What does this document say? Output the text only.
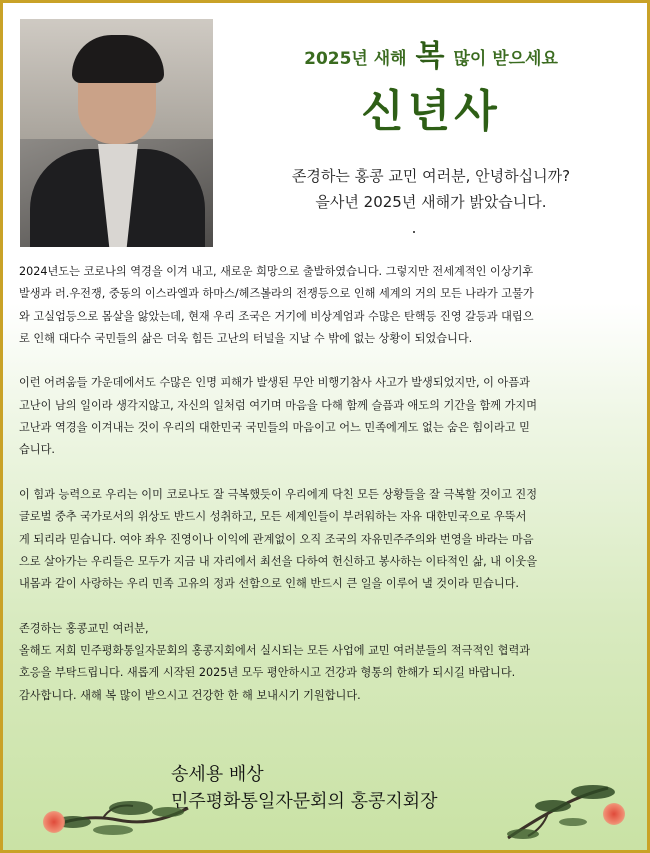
2025년 새해 복 많이 받으세요
신년사

존경하는 홍콩 교민 여러분, 안녕하십니까?

을사년 2025년 새해가 밝았습니다.

2024년도는 코로나의 역경을 이겨 내고, 새로운 희망으로 출발하였습니다. 그렇지만 전세계적인 이상기후
발생과 러.우전쟁, 중동의 이스라엘과 하마스/헤즈볼라의 전쟁등으로 인해 세계의 거의 모든 나라가 고물가
와 고실업등으로 몸살을 앓았는데, 현재 우리 조국은 거기에 비상계엄과 수많은 탄핵등 진영 갈등과 대립으
로 인해 대다수 국민들의 삶은 더욱 힘든 고난의 터널을 지날 수 밖에 없는 상황이 되었습니다.

이런 어려움들 가운데에서도 수많은 인명 피해가 발생된 무안 비행기참사 사고가 발생되었지만, 이 아픔과
고난이 남의 일이라 생각지않고, 자신의 일처럼 여기며 마음을 다해 함께 슬픔과 애도의 기간을 함께 가지며
고난과 역경을 이겨내는 것이 우리의 대한민국 국민들의 마음이고 어느 민족에게도 없는 숨은 힘이라고 믿
습니다.

이 힘과 능력으로 우리는 이미 코로나도 잘 극복했듯이 우리에게 닥친 모든 상황들을 잘 극복할 것이고 진정
글로벌 중추 국가로서의 위상도 반드시 성취하고, 모든 세계인들이 부러워하는 자유 대한민국으로 우뚝서
게 되리라 믿습니다. 여야 좌우 진영이나 이익에 관계없이 오직 조국의 자유민주주의와 번영을 바라는 마음
으로 살아가는 우리들은 모두가 지금 내 자리에서 최선을 다하여 헌신하고 봉사하는 이타적인 삶, 내 이웃을
내몸과 같이 사랑하는 우리 민족 고유의 정과 선함으로 인해 반드시 큰 일을 이루어 낼 것이라 믿습니다.

존경하는 홍콩교민 여러분,
올해도 저희 민주평화통일자문회의 홍콩지회에서 실시되는 모든 사업에 교민 여러분들의 적극적인 협력과
호응을 부탁드립니다. 새롭게 시작된 2025년 모두 평안하시고 건강과 형통의 한해가 되시길 바랍니다.
감사합니다. 새해 복 많이 받으시고 건강한 한 해 보내시기 기원합니다.

송세용 배상
민주평화통일자문회의 홍콩지회장
